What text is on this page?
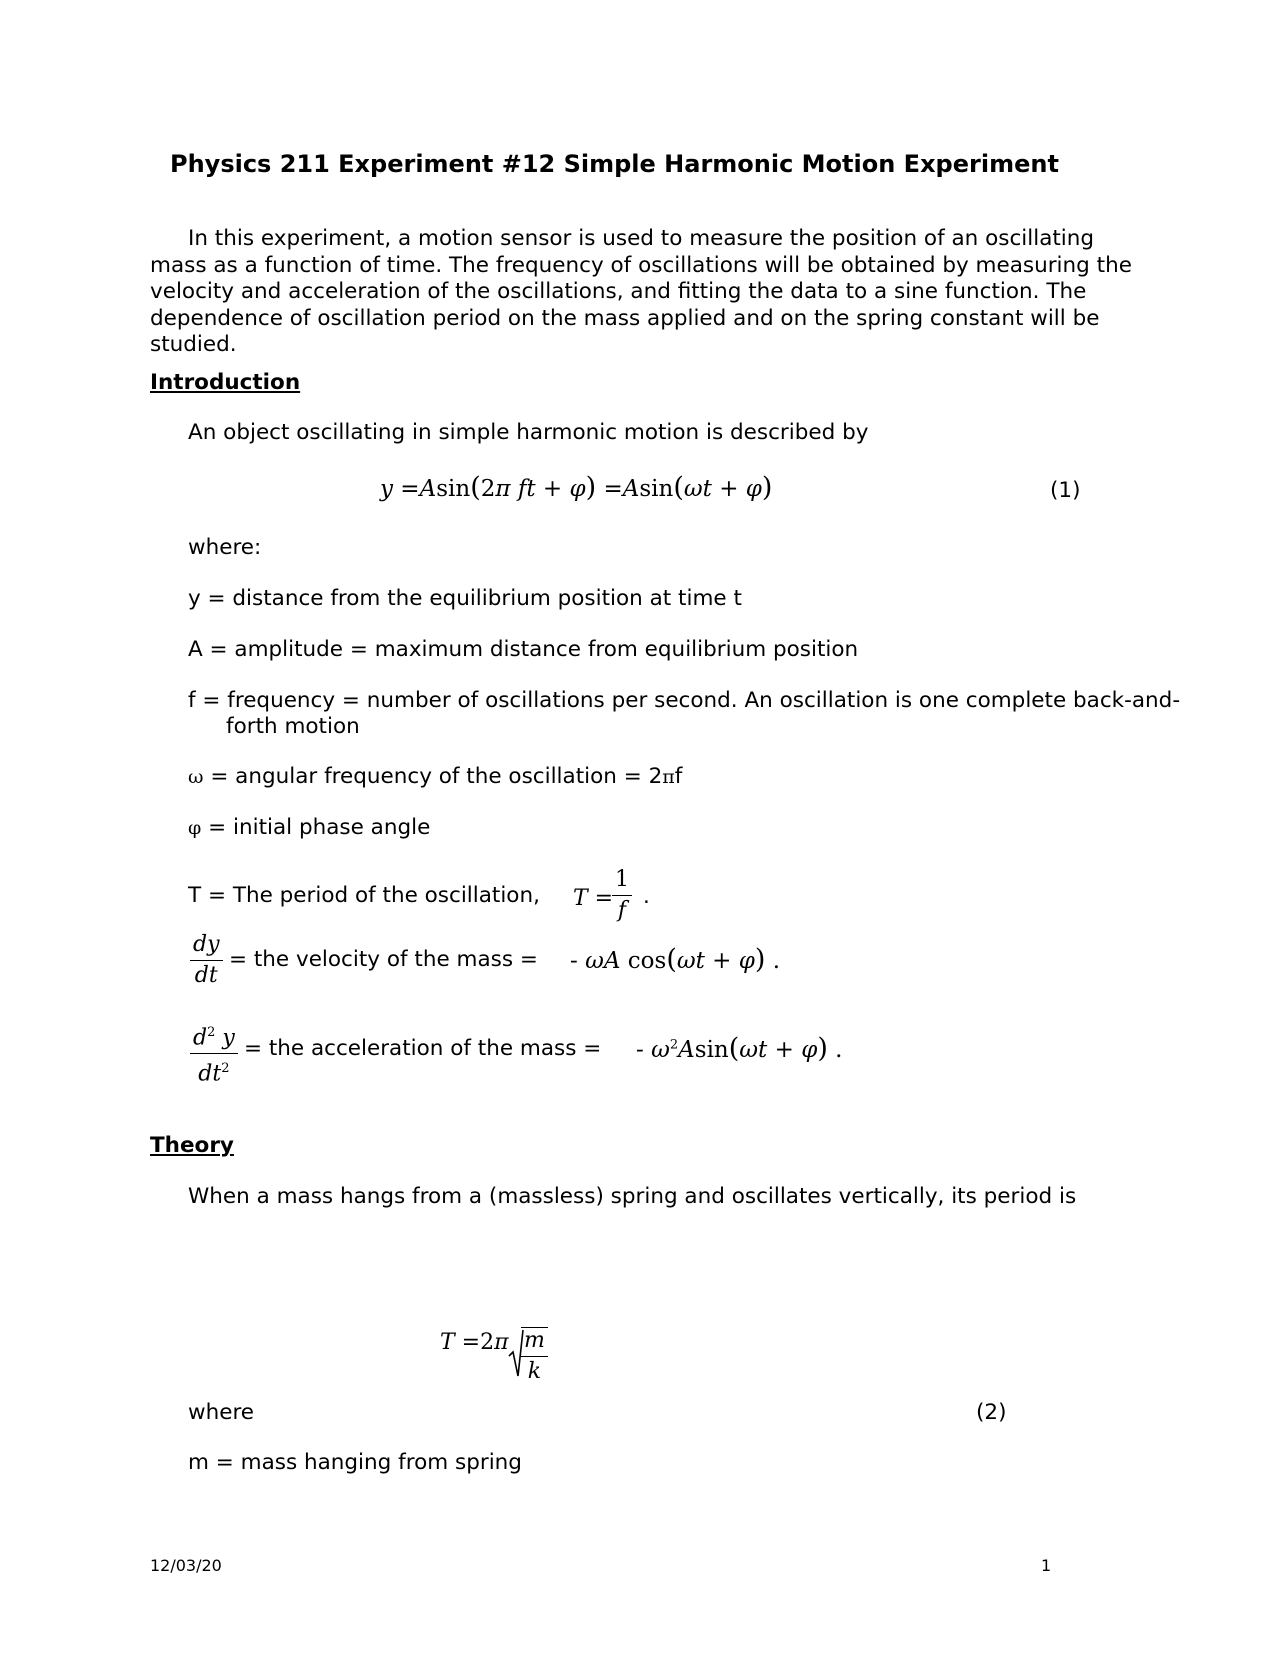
Physics 211 Experiment #12 Simple Harmonic Motion Experiment
In this experiment, a motion sensor is used to measure the position of an oscillating mass as a function of time. The frequency of oscillations will be obtained by measuring the velocity and acceleration of the oscillations, and fitting the data to a sine function. The dependence of oscillation period on the mass applied and on the spring constant will be studied.
Introduction
An object oscillating in simple harmonic motion is described by
y =Asin(2π ft + φ) =Asin(ωt + φ)	(1)
where:
y = distance from the equilibrium position at time t
A = amplitude = maximum distance from equilibrium position
f = frequency = number of oscillations per second. An oscillation is one complete back-and-forth motion
ω = angular frequency of the oscillation = 2πf
φ = initial phase angle
T = The period of the oscillation, T =
$\frac{1}{f}$ .
$\frac{dy}{dt}$ = the velocity of the mass = - ωA cos(ωt + φ) .
$\frac{d^2 y}{dt^2}$ = the acceleration of the mass = - $\omega^2Asin(\omega t + \varphi)$ .
Theory
When a mass hangs from a (massless) spring and oscillates vertically, its period is
$T =2\pi \frac{m}{k}$
where	(2)
m = mass hanging from spring
12/03/20	1
